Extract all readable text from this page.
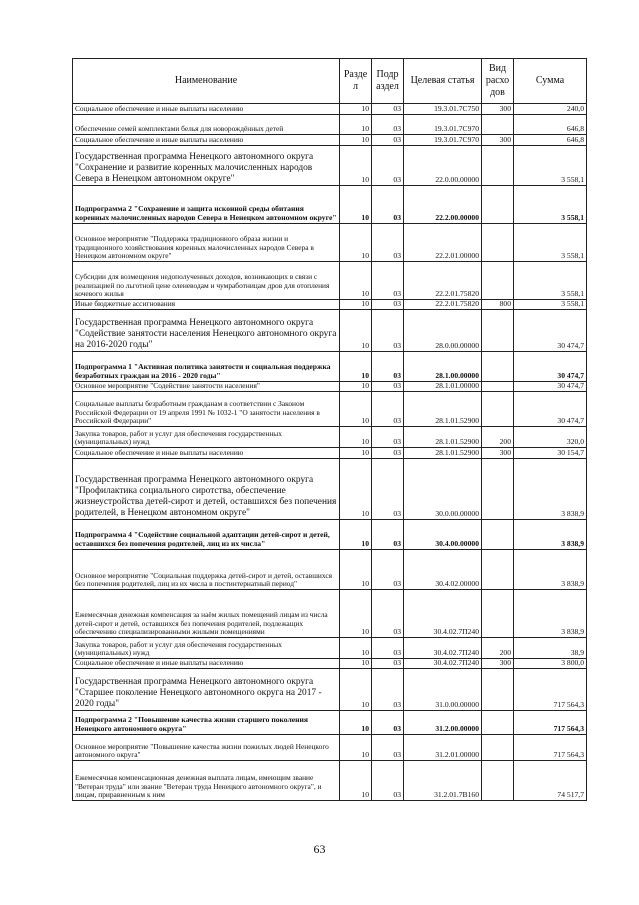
Наименование	Разде л	Подр аздел	Целевая статья	Вид расхо дов	Сумма
Социальное обеспечение и иные выплаты населению	10	03	19.3.01.7С750	300	240,0
Обеспечение семей комплектами белья для новорождённых детей	10	03	19.3.01.7С970		646,8
Социальное обеспечение и иные выплаты населению	10	03	19.3.01.7С970	300	646,8
Государственная программа Ненецкого автономного округа "Сохранение и развитие коренных малочисленных народов Севера в Ненецком автономном округе"	10	03	22.0.00.00000		3 558,1
Подпрограмма 2 "Сохранение и защита исконной среды обитания коренных малочисленных народов Севера в Ненецком автономном округе"	10	03	22.2.00.00000		3 558,1
Основное мероприятие "Поддержка традиционного образа жизни и традиционного хозяйствования коренных малочисленных народов Севера в Ненецком автономном округе"	10	03	22.2.01.00000		3 558,1
Субсидии для возмещения недополученных доходов, возникающих в связи с реализацией по льготной цене оленеводам и чумработницам дров для отопления кочевого жилья	10	03	22.2.01.75820		3 558,1
Иные бюджетные ассигнования	10	03	22.2.01.75820	800	3 558,1
Государственная программа Ненецкого автономного округа "Содействие занятости населения Ненецкого автономного округа на 2016-2020 годы"	10	03	28.0.00.00000		30 474,7
Подпрограмма 1 "Активная политика занятости и социальная поддержка безработных граждан на 2016 - 2020 годы"	10	03	28.1.00.00000		30 474,7
Основное мероприятие "Содействие занятости населения"	10	03	28.1.01.00000		30 474,7
Социальные выплаты безработным гражданам в соответствии с Законом Российской Федерации от 19 апреля 1991 № 1032-1 "О занятости населения в Российской Федерации"	10	03	28.1.01.52900		30 474,7
Закупка товаров, работ и услуг для обеспечения государственных (муниципальных) нужд	10	03	28.1.01.52900	200	320,0
Социальное обеспечение и иные выплаты населению	10	03	28.1.01.52900	300	30 154,7
Государственная программа Ненецкого автономного округа "Профилактика социального сиротства, обеспечение жизнеустройства детей-сирот и детей, оставшихся без попечения родителей, в Ненецком автономном округе"	10	03	30.0.00.00000		3 838,9
Подпрограмма 4 "Содействие социальной адаптации детей-сирот и детей, оставшихся без попечения родителей, лиц из их числа"	10	03	30.4.00.00000		3 838,9
Основное мероприятие "Социальная поддержка детей-сирот и детей, оставшихся без попечения родителей, лиц из их числа в постинтернатный период"	10	03	30.4.02.00000		3 838,9
Ежемесячная денежная компенсация за наём жилых помещений лицам из числа детей-сирот и детей, оставшихся без попечения родителей, подлежащих обеспечению специализированными жилыми помещениями	10	03	30.4.02.7П240		3 838,9
Закупка товаров, работ и услуг для обеспечения государственных (муниципальных) нужд	10	03	30.4.02.7П240	200	38,9
Социальное обеспечение и иные выплаты населению	10	03	30.4.02.7П240	300	3 800,0
Государственная программа Ненецкого автономного округа "Старшее поколение Ненецкого автономного округа на 2017 - 2020 годы"	10	03	31.0.00.00000		717 564,3
Подпрограмма 2 "Повышение качества жизни старшего поколения Ненецкого автономного округа"	10	03	31.2.00.00000		717 564,3
Основное мероприятие "Повышение качества жизни пожилых людей Ненецкого автономного округа"	10	03	31.2.01.00000		717 564,3
Ежемесячная компенсационная денежная выплата лицам, имеющим звание "Ветеран труда" или звание "Ветеран труда Ненецкого автономного округа", и лицам, приравненным к ним	10	03	31.2.01.7В160		74 517,7
63
